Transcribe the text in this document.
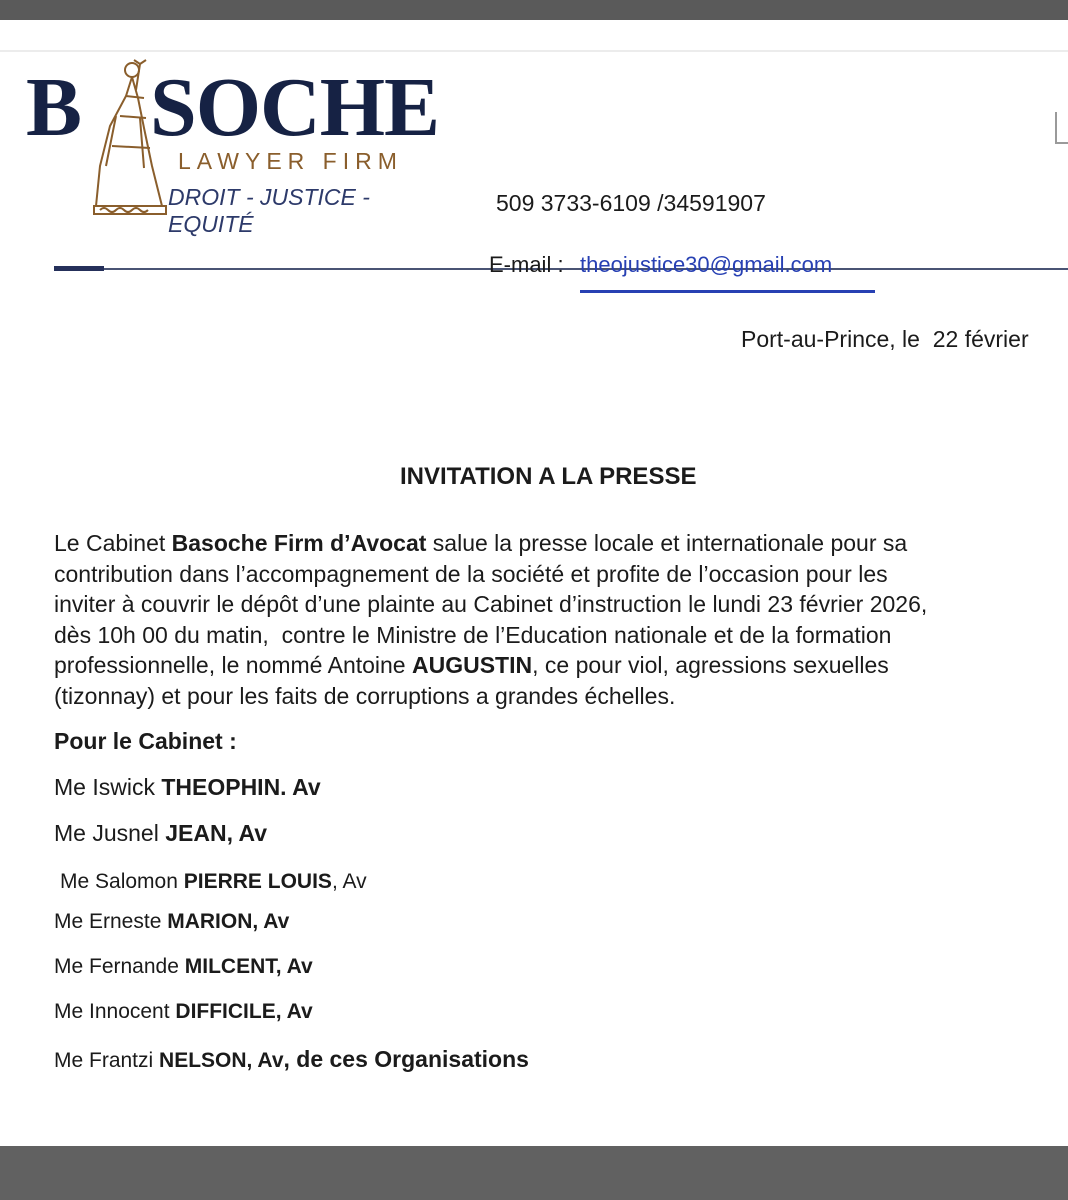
B SOCHE
LAWYER FIRM
DROIT - JUSTICE - EQUITÉ
509 3733-6109 /34591907
E-mail : theojustice30@gmail.com
Port-au-Prince, le  22 février
INVITATION A LA PRESSE
Le Cabinet Basoche Firm d’Avocat salue la presse locale et internationale pour sa
contribution dans l’accompagnement de la société et profite de l’occasion pour les
inviter à couvrir le dépôt d’une plainte au Cabinet d’instruction le lundi 23 février 2026,
dès 10h 00 du matin,  contre le Ministre de l’Education nationale et de la formation
professionnelle, le nommé Antoine AUGUSTIN, ce pour viol, agressions sexuelles
(tizonnay) et pour les faits de corruptions a grandes échelles.
Pour le Cabinet :
Me Iswick THEOPHIN. Av
Me Jusnel JEAN, Av
Me Salomon PIERRE LOUIS, Av
Me Erneste MARION, Av
Me Fernande MILCENT, Av
Me Innocent DIFFICILE, Av
Me Frantzi NELSON, Av, de ces Organisations
